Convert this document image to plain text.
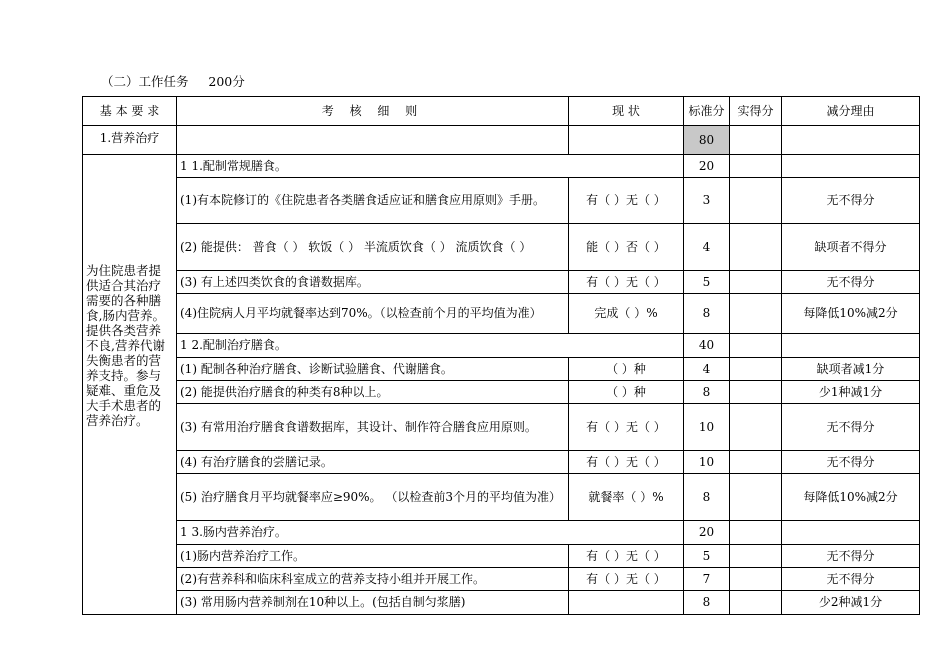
（二）工作任务     200分
基 本 要 求	考 核 细 则	现 状	标准分	实得分	减分理由

1.营养治疗			80		
为住院患者提供适合其治疗需要的各种膳食,肠内营养。提供各类营养不良,营养代谢失衡患者的营养支持。参与疑难、重危及大手术患者的营养治疗。	1 1.配制常规膳食。		20		
	(1)有本院修订的《住院患者各类膳食适应证和膳食应用原则》手册。	有（ ）无（ ）	3		无不得分
	(2) 能提供： 普食（ ） 软饭（ ） 半流质饮食（ ） 流质饮食（ ）	能（ ）否（ ）	4		缺项者不得分
	(3) 有上述四类饮食的食谱数据库。	有（ ）无（ ）	5		无不得分
	(4)住院病人月平均就餐率达到70%。（以检查前个月的平均值为准）	完成（ ）%	8		每降低10%减2分
	1 2.配制治疗膳食。		40		
	(1) 配制各种治疗膳食、诊断试验膳食、代谢膳食。	（ ）种	4		缺项者减1分
	(2) 能提供治疗膳食的种类有8种以上。	（ ）种	8		少1种减1分
	(3) 有常用治疗膳食食谱数据库，其设计、制作符合膳食应用原则。	有（ ）无（ ）	10		无不得分
	(4) 有治疗膳食的尝膳记录。	有（ ）无（ ）	10		无不得分
	(5) 治疗膳食月平均就餐率应≥90%。 （以检查前3个月的平均值为准）	就餐率（ ）%	8		每降低10%减2分
	1 3.肠内营养治疗。		20		
	(1)肠内营养治疗工作。	有（ ）无（ ）	5		无不得分
	(2)有营养科和临床科室成立的营养支持小组并开展工作。	有（ ）无（ ）	7		无不得分
	(3) 常用肠内营养制剂在10种以上。(包括自制匀浆膳)		8		少2种减1分
